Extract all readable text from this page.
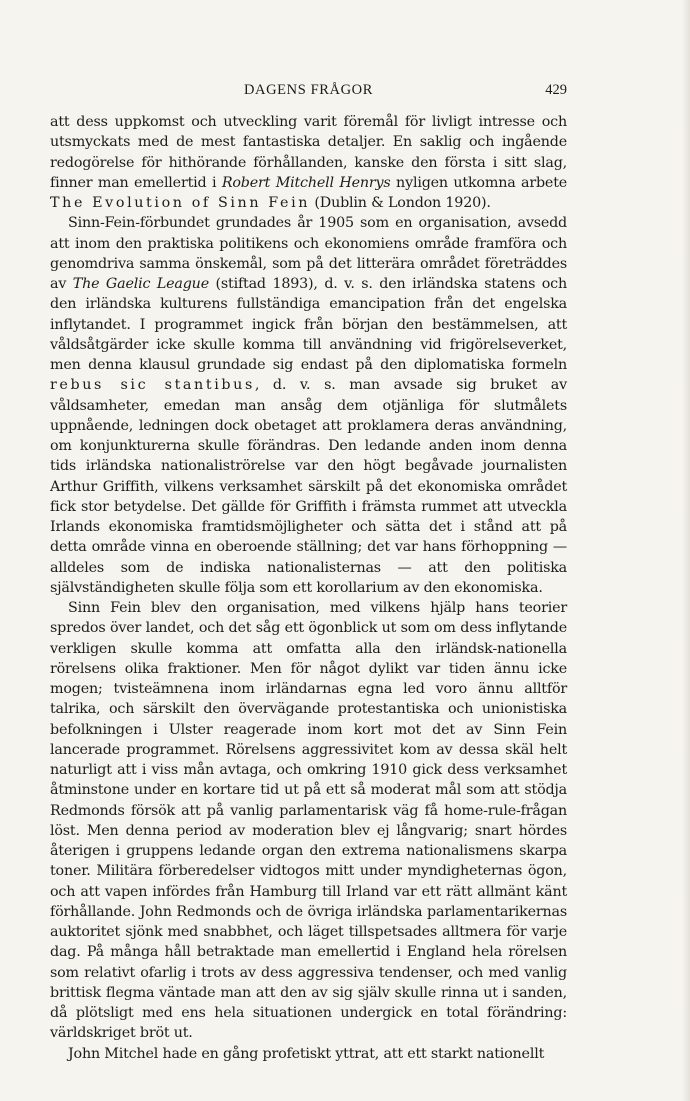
DAGENS FRÅGOR	429

att dess uppkomst och utveckling varit föremål för livligt intresse och utsmyckats med de mest fantastiska detaljer. En saklig och ingående redogörelse för hithörande förhållanden, kanske den första i sitt slag, finner man emellertid i Robert Mitchell Henrys nyligen utkomna arbete The Evolution of Sinn Fein (Dublin & London 1920).

Sinn-Fein-förbundet grundades år 1905 som en organisation, avsedd att inom den praktiska politikens och ekonomiens område framföra och genomdriva samma önskemål, som på det litterära området företräddes av The Gaelic League (stiftad 1893), d. v. s. den irländska statens och den irländska kulturens fullständiga emancipation från det engelska inflytandet. I programmet ingick från början den bestämmelsen, att våldsåtgärder icke skulle komma till användning vid frigörelseverket, men denna klausul grundade sig endast på den diplomatiska formeln rebus sic stantibus, d. v. s. man avsade sig bruket av våldsamheter, emedan man ansåg dem otjänliga för slutmålets uppnående, ledningen dock obetaget att proklamera deras användning, om konjunkturerna skulle förändras. Den ledande anden inom denna tids irländska nationaliströrelse var den högt begåvade journalisten Arthur Griffith, vilkens verksamhet särskilt på det ekonomiska området fick stor betydelse. Det gällde för Griffith i främsta rummet att utveckla Irlands ekonomiska framtidsmöjligheter och sätta det i stånd att på detta område vinna en oberoende ställning; det var hans förhoppning — alldeles som de indiska nationalisternas — att den politiska självständigheten skulle följa som ett korollarium av den ekonomiska.

Sinn Fein blev den organisation, med vilkens hjälp hans teorier spredos över landet, och det såg ett ögonblick ut som om dess inflytande verkligen skulle komma att omfatta alla den irländsk-nationella rörelsens olika fraktioner. Men för något dylikt var tiden ännu icke mogen; tvisteämnena inom irländarnas egna led voro ännu alltför talrika, och särskilt den övervägande protestantiska och unionistiska befolkningen i Ulster reagerade inom kort mot det av Sinn Fein lancerade programmet. Rörelsens aggressivitet kom av dessa skäl helt naturligt att i viss mån avtaga, och omkring 1910 gick dess verksamhet åtminstone under en kortare tid ut på ett så moderat mål som att stödja Redmonds försök att på vanlig parlamentarisk väg få home-rule-frågan löst. Men denna period av moderation blev ej långvarig; snart hördes återigen i gruppens ledande organ den extrema nationalismens skarpa toner. Militära förberedelser vidtogos mitt under myndigheternas ögon, och att vapen infördes från Hamburg till Irland var ett rätt allmänt känt förhållande. John Redmonds och de övriga irländska parlamentarikernas auktoritet sjönk med snabbhet, och läget tillspetsades alltmera för varje dag. På många håll betraktade man emellertid i England hela rörelsen som relativt ofarlig i trots av dess aggressiva tendenser, och med vanlig brittisk flegma väntade man att den av sig själv skulle rinna ut i sanden, då plötsligt med ens hela situationen undergick en total förändring: världskriget bröt ut.

John Mitchel hade en gång profetiskt yttrat, att ett starkt nationellt
